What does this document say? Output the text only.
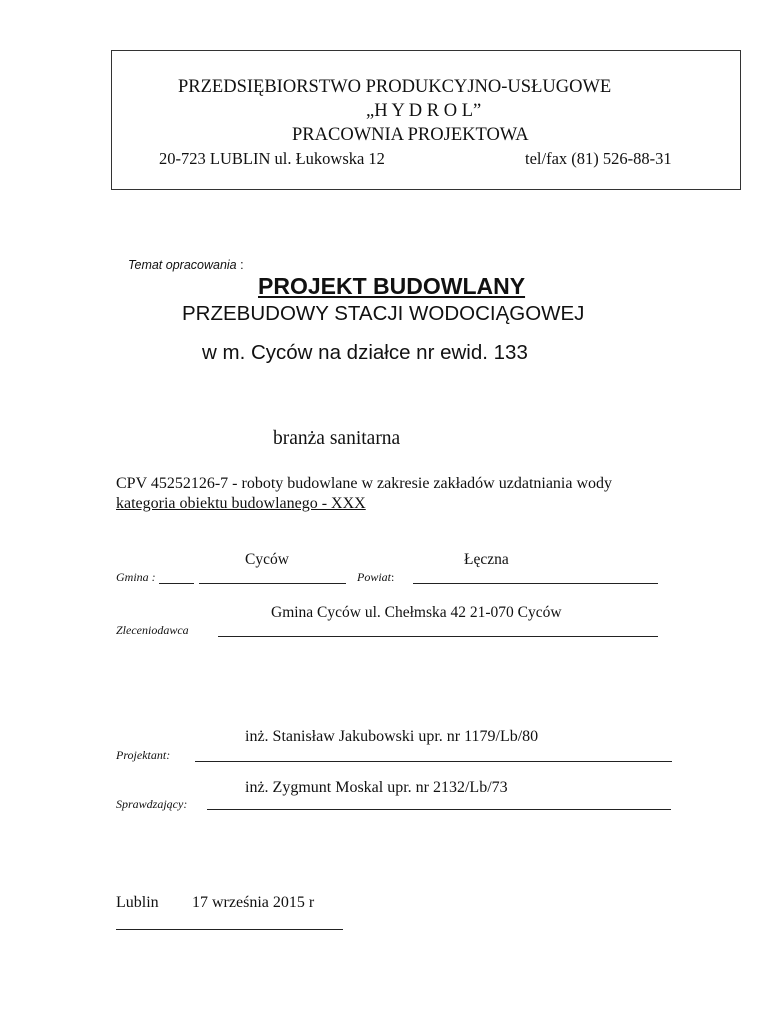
PRZEDSIĘBIORSTWO PRODUKCYJNO-USŁUGOWE
„H Y D R O L”
PRACOWNIA PROJEKTOWA
20-723 LUBLIN ul. Łukowska 12	tel/fax (81) 526-88-31
Temat opracowania :
PROJEKT BUDOWLANY
PRZEBUDOWY STACJI WODOCIĄGOWEJ
w m. Cyców na działce nr ewid. 133
branża sanitarna
CPV 45252126-7 - roboty budowlane w zakresie zakładów uzdatniania wody
kategoria obiektu budowlanego - XXX
Cyców	Łęczna
Gmina :	Powiat:
Gmina Cyców ul. Chełmska 42 21-070 Cyców
Zleceniodawca
inż. Stanisław Jakubowski upr. nr 1179/Lb/80
Projektant:
inż. Zygmunt Moskal upr. nr 2132/Lb/73
Sprawdzający:
Lublin 17 września 2015 r
